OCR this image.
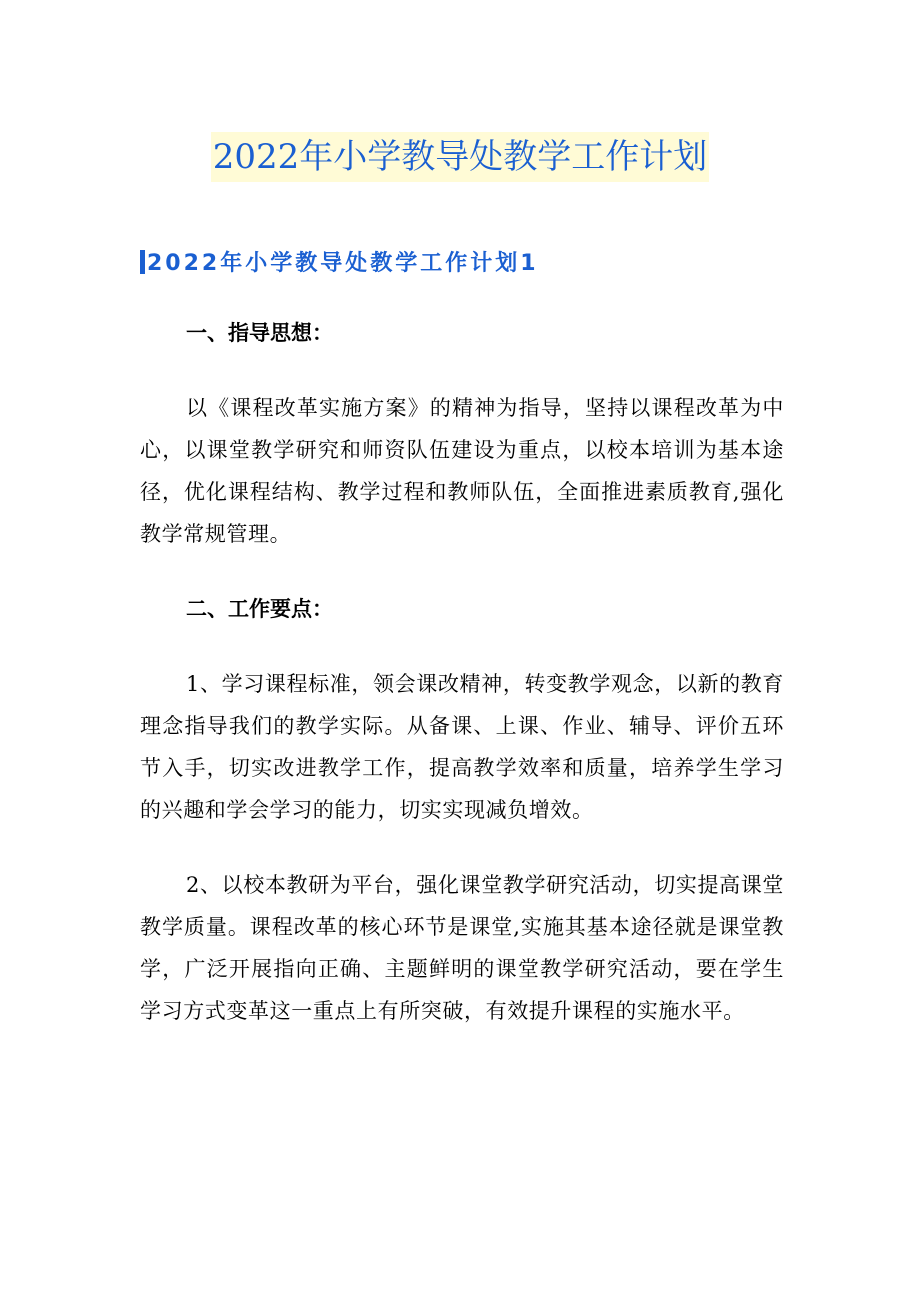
2022年小学教导处教学工作计划
2022年小学教导处教学工作计划1
一、指导思想：
以《课程改革实施方案》的精神为指导，坚持以课程改革为中心，以课堂教学研究和师资队伍建设为重点，以校本培训为基本途径，优化课程结构、教学过程和教师队伍，全面推进素质教育,强化教学常规管理。
二、工作要点：
1、学习课程标准，领会课改精神，转变教学观念，以新的教育理念指导我们的教学实际。从备课、上课、作业、辅导、评价五环节入手，切实改进教学工作，提高教学效率和质量，培养学生学习的兴趣和学会学习的能力，切实实现减负增效。
2、以校本教研为平台，强化课堂教学研究活动，切实提高课堂教学质量。课程改革的核心环节是课堂,实施其基本途径就是课堂教学，广泛开展指向正确、主题鲜明的课堂教学研究活动，要在学生学习方式变革这一重点上有所突破，有效提升课程的实施水平。
